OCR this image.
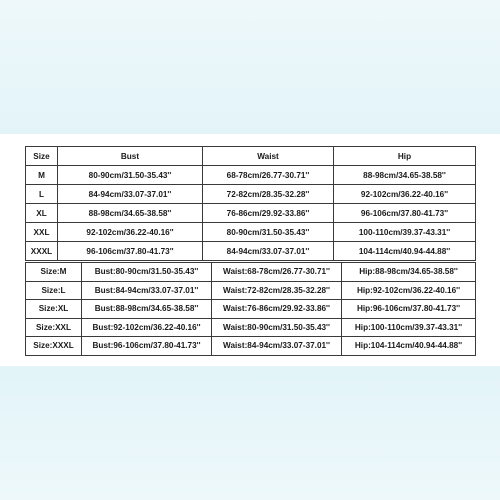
Size	Bust	Waist	Hip
M	80-90cm/31.50-35.43''	68-78cm/26.77-30.71''	88-98cm/34.65-38.58''
L	84-94cm/33.07-37.01''	72-82cm/28.35-32.28''	92-102cm/36.22-40.16''
XL	88-98cm/34.65-38.58''	76-86cm/29.92-33.86''	96-106cm/37.80-41.73''
XXL	92-102cm/36.22-40.16''	80-90cm/31.50-35.43''	100-110cm/39.37-43.31''
XXXL	96-106cm/37.80-41.73''	84-94cm/33.07-37.01''	104-114cm/40.94-44.88''
Size:M	Bust:80-90cm/31.50-35.43''	Waist:68-78cm/26.77-30.71''	Hip:88-98cm/34.65-38.58''
Size:L	Bust:84-94cm/33.07-37.01''	Waist:72-82cm/28.35-32.28''	Hip:92-102cm/36.22-40.16''
Size:XL	Bust:88-98cm/34.65-38.58''	Waist:76-86cm/29.92-33.86''	Hip:96-106cm/37.80-41.73''
Size:XXL	Bust:92-102cm/36.22-40.16''	Waist:80-90cm/31.50-35.43''	Hip:100-110cm/39.37-43.31''
Size:XXXL	Bust:96-106cm/37.80-41.73''	Waist:84-94cm/33.07-37.01''	Hip:104-114cm/40.94-44.88''
